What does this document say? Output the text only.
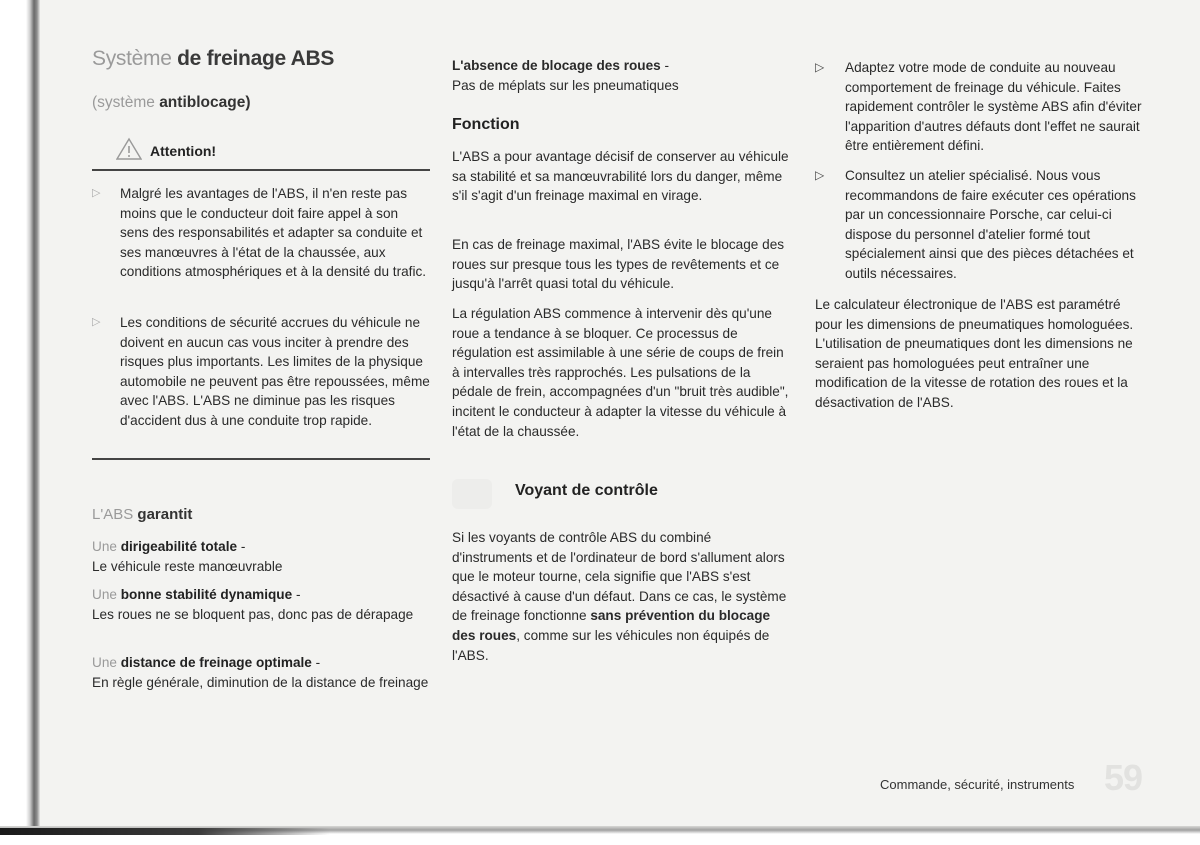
Système de freinage ABS
(système antiblocage)
Attention!
▷	Malgré les avantages de l'ABS, il n'en reste pas moins que le conducteur doit faire appel à son sens des responsabilités et adapter sa conduite et ses manœuvres à l'état de la chaussée, aux conditions atmosphériques et à la densité du trafic.
▷	Les conditions de sécurité accrues du véhicule ne doivent en aucun cas vous inciter à prendre des risques plus importants. Les limites de la physique automobile ne peuvent pas être repoussées, même avec l'ABS. L'ABS ne diminue pas les risques d'accident dus à une conduite trop rapide.
L'ABS garantit
Une dirigeabilité totale -
Le véhicule reste manœuvrable
Une bonne stabilité dynamique -
Les roues ne se bloquent pas, donc pas de dérapage
Une distance de freinage optimale -
En règle générale, diminution de la distance de freinage
L'absence de blocage des roues -
Pas de méplats sur les pneumatiques
Fonction
L'ABS a pour avantage décisif de conserver au véhicule sa stabilité et sa manœuvrabilité lors du danger, même s'il s'agit d'un freinage maximal en virage.
En cas de freinage maximal, l'ABS évite le blocage des roues sur presque tous les types de revêtements et ce jusqu'à l'arrêt quasi total du véhicule.
La régulation ABS commence à intervenir dès qu'une roue a tendance à se bloquer. Ce processus de régulation est assimilable à une série de coups de frein à intervalles très rapprochés. Les pulsations de la pédale de frein, accompagnées d'un "bruit très audible", incitent le conducteur à adapter la vitesse du véhicule à l'état de la chaussée.
Voyant de contrôle
Si les voyants de contrôle ABS du combiné d'instruments et de l'ordinateur de bord s'allument alors que le moteur tourne, cela signifie que l'ABS s'est désactivé à cause d'un défaut. Dans ce cas, le système de freinage fonctionne sans prévention du blocage des roues, comme sur les véhicules non équipés de l'ABS.
▷ Adaptez votre mode de conduite au nouveau comportement de freinage du véhicule. Faites rapidement contrôler le système ABS afin d'éviter l'apparition d'autres défauts dont l'effet ne saurait être entièrement défini.
▷ Consultez un atelier spécialisé. Nous vous recommandons de faire exécuter ces opérations par un concessionnaire Porsche, car celui-ci dispose du personnel d'atelier formé tout spécialement ainsi que des pièces détachées et outils nécessaires.
Le calculateur électronique de l'ABS est paramétré pour les dimensions de pneumatiques homologuées. L'utilisation de pneumatiques dont les dimensions ne seraient pas homologuées peut entraîner une modification de la vitesse de rotation des roues et la désactivation de l'ABS.
59
Commande, sécurité, instruments
